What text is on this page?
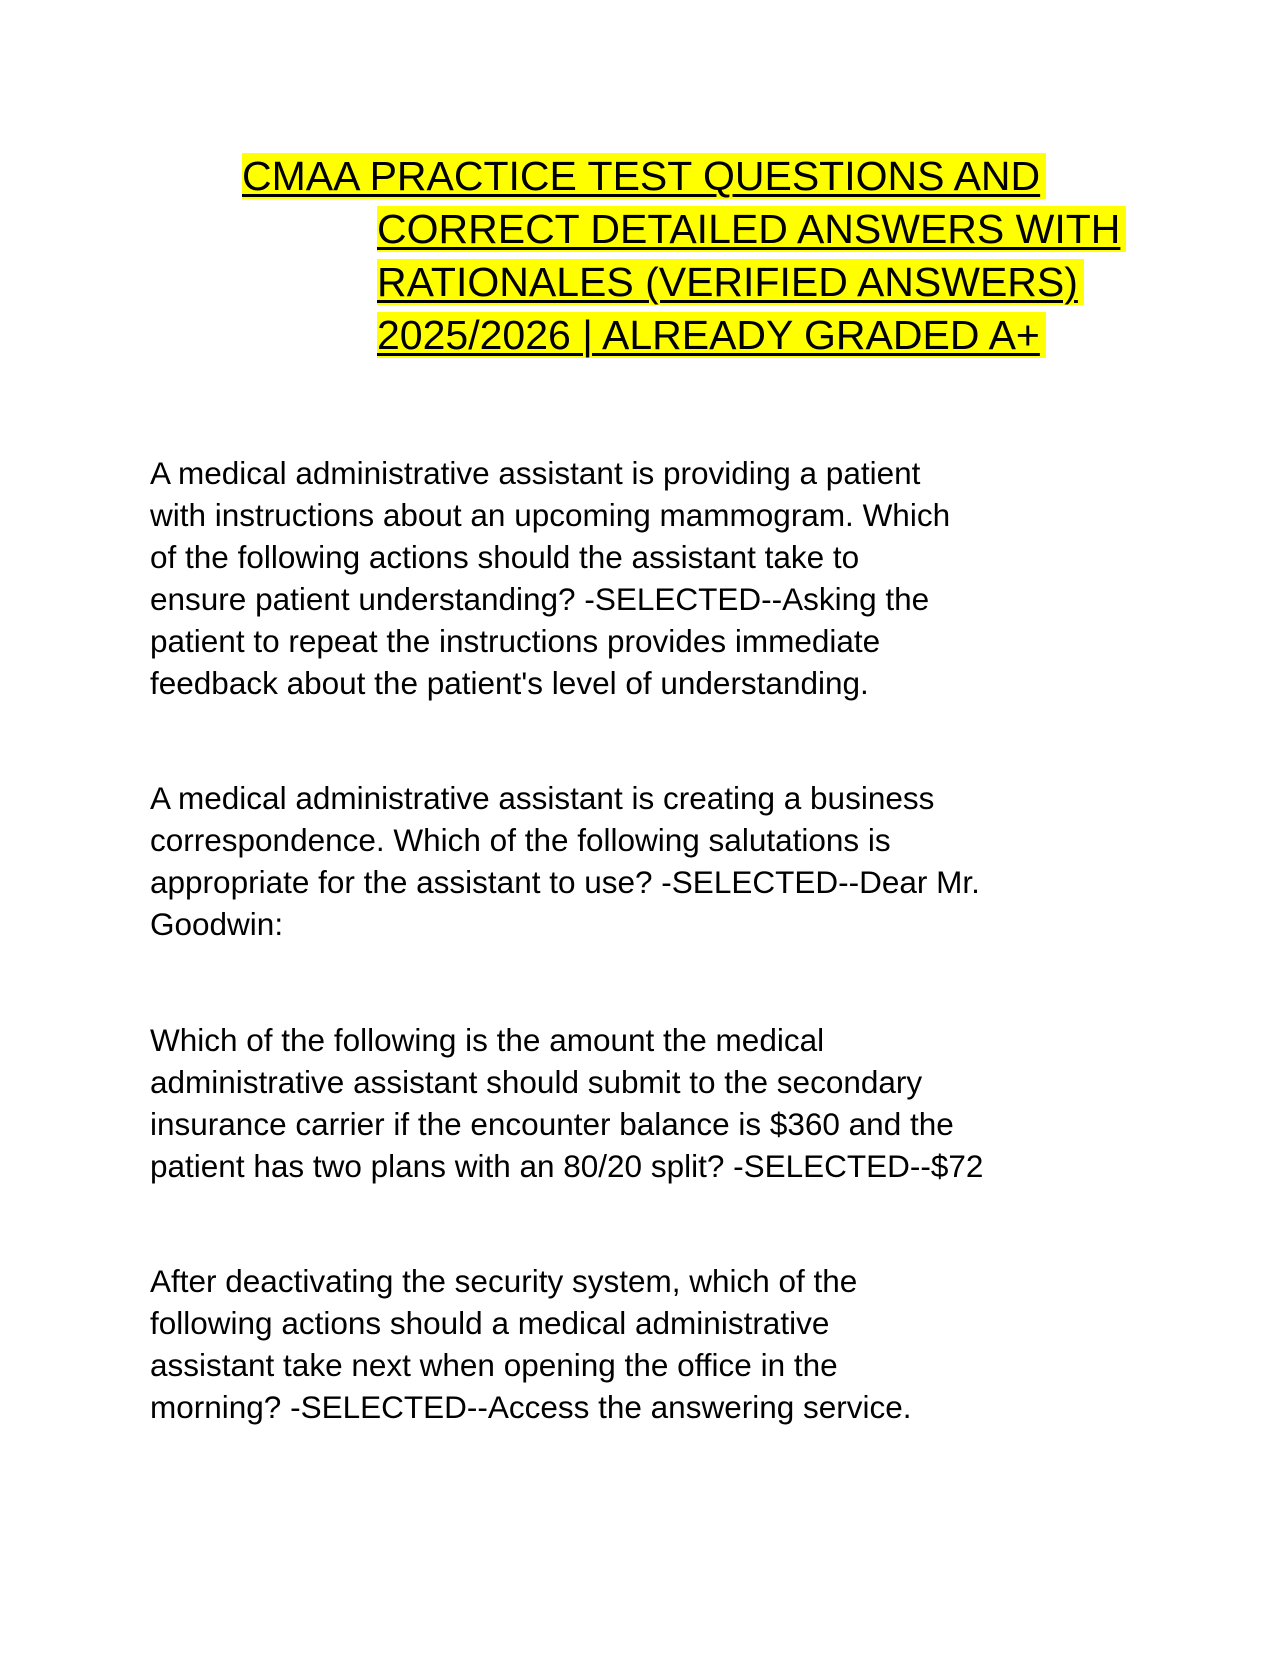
CMAA PRACTICE TEST QUESTIONS AND
CORRECT DETAILED ANSWERS WITH
RATIONALES (VERIFIED ANSWERS)
2025/2026 | ALREADY GRADED A+
A medical administrative assistant is providing a patient
with instructions about an upcoming mammogram. Which
of the following actions should the assistant take to
ensure patient understanding? -SELECTED--Asking the
patient to repeat the instructions provides immediate
feedback about the patient's level of understanding.
A medical administrative assistant is creating a business
correspondence. Which of the following salutations is
appropriate for the assistant to use? -SELECTED--Dear Mr.
Goodwin:
Which of the following is the amount the medical
administrative assistant should submit to the secondary
insurance carrier if the encounter balance is $360 and the
patient has two plans with an 80/20 split? -SELECTED--$72
After deactivating the security system, which of the
following actions should a medical administrative
assistant take next when opening the office in the
morning? -SELECTED--Access the answering service.
